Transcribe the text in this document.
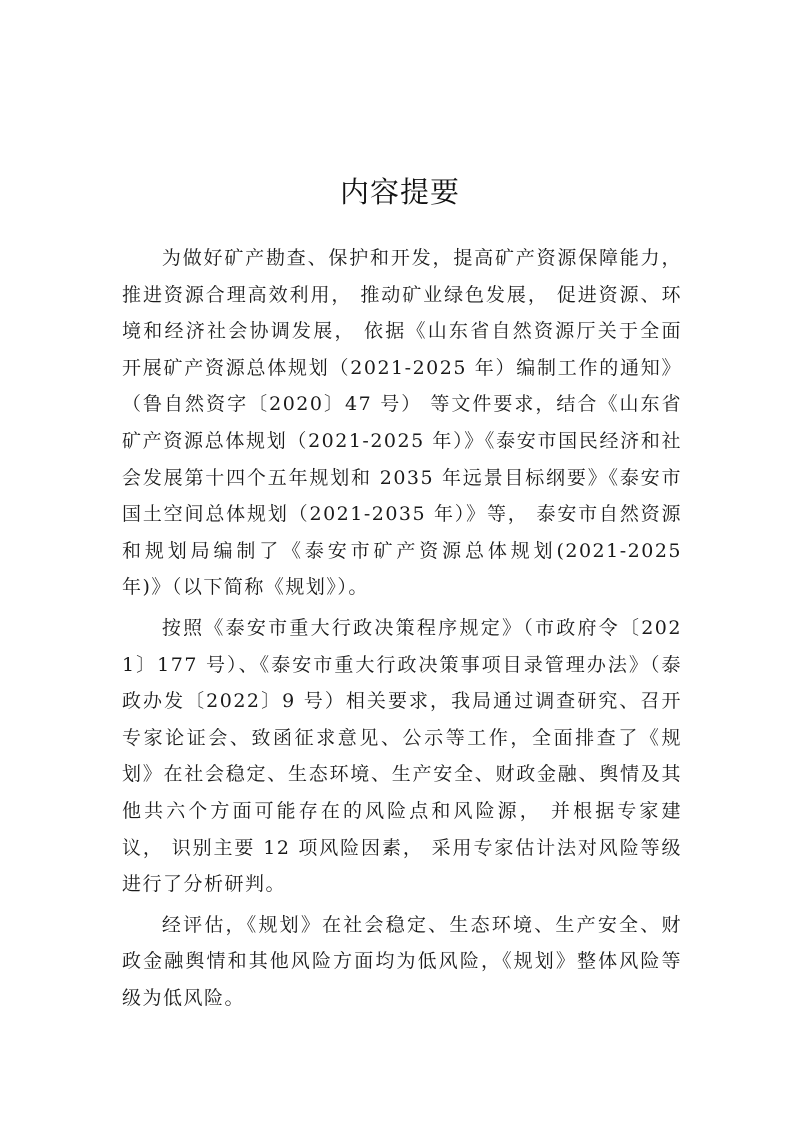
内容提要

为做好矿产勘查、保护和开发，提高矿产资源保障能力，推进资源合理高效利用， 推动矿业绿色发展， 促进资源、环境和经济社会协调发展， 依据《山东省自然资源厅关于全面开展矿产资源总体规划（2021-2025 年）编制工作的通知》（鲁自然资字〔2020〕47 号） 等文件要求，结合《山东省矿产资源总体规划（2021-2025 年）》《泰安市国民经济和社会发展第十四个五年规划和 2035 年远景目标纲要》《泰安市国土空间总体规划（2021-2035 年）》等， 泰安市自然资源和规划局编制了《泰安市矿产资源总体规划(2021-2025 年)》（以下简称《规划》）。

按照《泰安市重大行政决策程序规定》（市政府令〔2021〕177 号）、《泰安市重大行政决策事项目录管理办法》（泰政办发〔2022〕9 号）相关要求，我局通过调查研究、召开专家论证会、致函征求意见、公示等工作，全面排查了《规划》在社会稳定、生态环境、生产安全、财政金融、舆情及其他共六个方面可能存在的风险点和风险源， 并根据专家建议， 识别主要 12 项风险因素， 采用专家估计法对风险等级进行了分析研判。

经评估，《规划》在社会稳定、生态环境、生产安全、财政金融舆情和其他风险方面均为低风险，《规划》整体风险等级为低风险。
